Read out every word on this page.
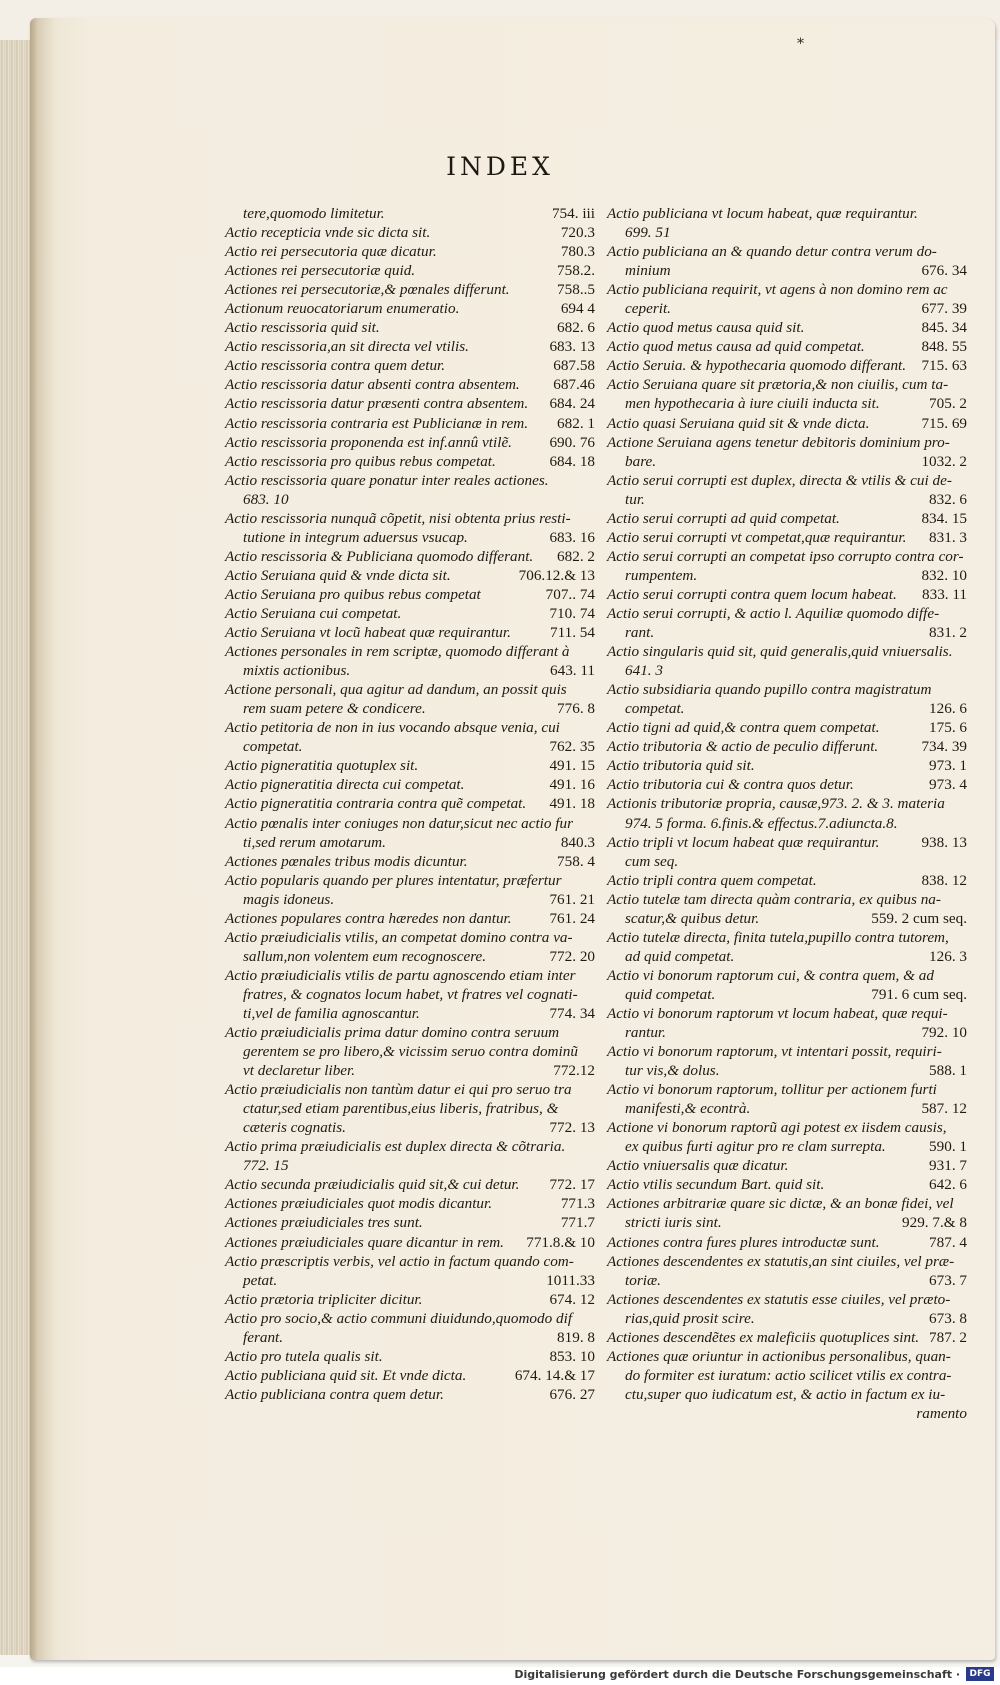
*
INDEX
tere,quomodo limitetur.	754. iii
Actio recepticia vnde sic dicta sit.	720.3
Actio rei persecutoria quæ dicatur.	780.3
Actiones rei persecutoriæ quid.	758.2.
Actiones rei persecutoriæ,& pœnales differunt.	758..5
Actionum reuocatoriarum enumeratio.	694 4
Actio rescissoria quid sit.	682. 6
Actio rescissoria,an sit directa vel vtilis.	683. 13
Actio rescissoria contra quem detur.	687.58
Actio rescissoria datur absenti contra absentem. 687.46
Actio rescissoria datur præsenti contra absentem. 684. 24
Actio rescissoria contraria est Publicianæ in rem. 682. 1
Actio rescissoria proponenda est inf.annû vtilẽ. 690. 76
Actio rescissoria pro quibus rebus competat.	684. 18
Actio rescissoria quare ponatur inter reales actiones.
683. 10
Actio rescissoria nunquã cõpetit, nisi obtenta prius resti-
tutione in integrum aduersus vsucap.	683. 16
Actio rescissoria & Publiciana quomodo differant. 682. 2
Actio Seruiana quid & vnde dicta sit.	706.12.& 13
Actio Seruiana pro quibus rebus competat	707.. 74
Actio Seruiana cui competat.	710. 74
Actio Seruiana vt locũ habeat quæ requirantur.	711. 54
Actiones personales in rem scriptæ, quomodo differant à
mixtis actionibus.	643. 11
Actione personali, qua agitur ad dandum, an possit quis
rem suam petere & condicere.	776. 8
Actio petitoria de non in ius vocando absque venia, cui
competat.	762. 35
Actio pigneratitia quotuplex sit.	491. 15
Actio pigneratitia directa cui competat.	491. 16
Actio pigneratitia contraria contra quẽ competat. 491. 18
Actio pœnalis inter coniuges non datur,sicut nec actio fur
ti,sed rerum amotarum.	840.3
Actiones pœnales tribus modis dicuntur.	758. 4
Actio popularis quando per plures intentatur, præfertur
magis idoneus.	761. 21
Actiones populares contra hæredes non dantur. 761. 24
Actio præiudicialis vtilis, an competat domino contra va-
sallum,non volentem eum recognoscere.	772. 20
Actio præiudicialis vtilis de partu agnoscendo etiam inter
fratres, & cognatos locum habet, vt fratres vel cognati-
ti,vel de familia agnoscantur.	774. 34
Actio præiudicialis prima datur domino contra seruum
gerentem se pro libero,& vicissim seruo contra dominũ
vt declaretur liber.	772.12
Actio præiudicialis non tantùm datur ei qui pro seruo tra
ctatur,sed etiam parentibus,eius liberis, fratribus, &
cæteris cognatis.	772. 13
Actio prima præiudicialis est duplex directa & cõtraria.
772. 15
Actio secunda præiudicialis quid sit,& cui detur. 772. 17
Actiones præiudiciales quot modis dicantur.	771.3
Actiones præiudiciales tres sunt.	771.7
Actiones præiudiciales quare dicantur in rem. 771.8.& 10
Actio præscriptis verbis, vel actio in factum quando com-
petat.	1011.33
Actio prætoria tripliciter dicitur.	674. 12
Actio pro socio,& actio communi diuidundo,quomodo dif
ferant.	819. 8
Actio pro tutela qualis sit.	853. 10
Actio publiciana quid sit. Et vnde dicta.	674. 14.& 17
Actio publiciana contra quem detur.	676. 27
Actio publiciana vt locum habeat, quæ requirantur.
699. 51
Actio publiciana an & quando detur contra verum do-
minium	676. 34
Actio publiciana requirit, vt agens à non domino rem ac
ceperit.	677. 39
Actio quod metus causa quid sit.	845. 34
Actio quod metus causa ad quid competat.	848. 55
Actio Seruia. & hypothecaria quomodo differant. 715. 63
Actio Seruiana quare sit prætoria,& non ciuilis, cum ta-
men hypothecaria à iure ciuili inducta sit.	705. 2
Actio quasi Seruiana quid sit & vnde dicta.	715. 69
Actione Seruiana agens tenetur debitoris dominium pro-
bare.	1032. 2
Actio serui corrupti est duplex, directa & vtilis & cui de-
tur.	832. 6
Actio serui corrupti ad quid competat.	834. 15
Actio serui corrupti vt competat,quæ requirantur. 831. 3
Actio serui corrupti an competat ipso corrupto contra cor-
rumpentem.	832. 10
Actio serui corrupti contra quem locum habeat. 833. 11
Actio serui corrupti, & actio l. Aquiliæ quomodo diffe-
rant.	831. 2
Actio singularis quid sit, quid generalis,quid vniuersalis.
641. 3
Actio subsidiaria quando pupillo contra magistratum
competat.	126. 6
Actio tigni ad quid,& contra quem competat.	175. 6
Actio tributoria & actio de peculio differunt.	734. 39
Actio tributoria quid sit.	973. 1
Actio tributoria cui & contra quos detur.	973. 4
Actionis tributoriæ propria, causæ,973. 2. & 3. materia
974. 5 forma. 6.finis.& effectus.7.adiuncta.8.
Actio tripli vt locum habeat quæ requirantur.	938. 13
cum seq.
Actio tripli contra quem competat.	838. 12
Actio tutelæ tam directa quàm contraria, ex quibus na-
scatur,& quibus detur.	559. 2 cum seq.
Actio tutelæ directa, finita tutela,pupillo contra tutorem,
ad quid competat.	126. 3
Actio vi bonorum raptorum cui, & contra quem, & ad
quid competat.	791. 6 cum seq.
Actio vi bonorum raptorum vt locum habeat, quæ requi-
rantur.	792. 10
Actio vi bonorum raptorum, vt intentari possit, requiri-
tur vis,& dolus.	588. 1
Actio vi bonorum raptorum, tollitur per actionem furti
manifesti,& econtrà.	587. 12
Actione vi bonorum raptorũ agi potest ex iisdem causis,
ex quibus furti agitur pro re clam surrepta.	590. 1
Actio vniuersalis quæ dicatur.	931. 7
Actio vtilis secundum Bart. quid sit.	642. 6
Actiones arbitrariæ quare sic dictæ, & an bonæ fidei, vel
stricti iuris sint.	929. 7.& 8
Actiones contra fures plures introductæ sunt.	787. 4
Actiones descendentes ex statutis,an sint ciuiles, vel præ-
toriæ.	673. 7
Actiones descendentes ex statutis esse ciuiles, vel præto-
rias,quid prosit scire.	673. 8
Actiones descendẽtes ex maleficiis quotuplices sint. 787. 2
Actiones quæ oriuntur in actionibus personalibus, quan-
do formiter est iuratum: actio scilicet vtilis ex contra-
ctu,super quo iudicatum est, & actio in factum ex iu-
ramento
Digitalisierung gefördert durch die Deutsche Forschungsgemeinschaft ·	DFG
